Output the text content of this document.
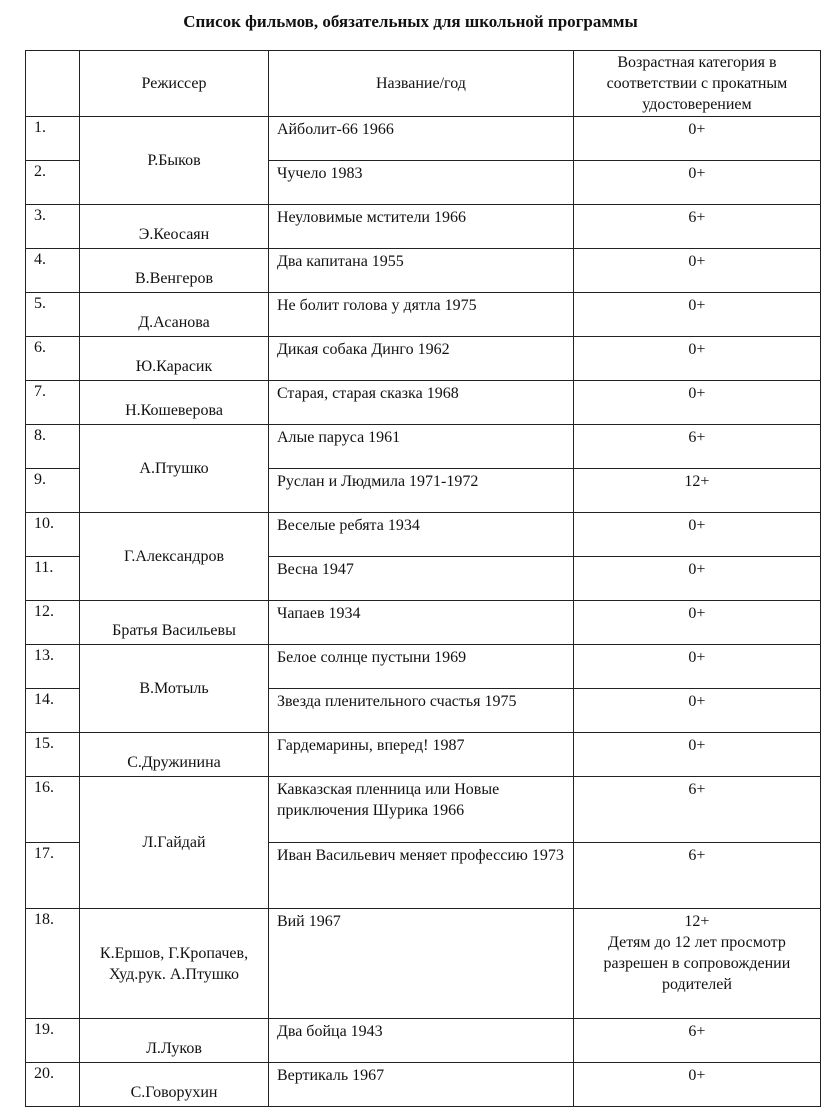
Список фильмов, обязательных для школьной программы
	Режиссер	Название/год	Возрастная категория в соответствии с прокатным удостоверением
1.	Р.Быков	Айболит-66 1966	0+
2.		Чучело 1983	0+
3.	Э.Кеосаян	Неуловимые мстители 1966	6+
4.	В.Венгеров	Два капитана 1955	0+
5.	Д.Асанова	Не болит голова у дятла 1975	0+
6.	Ю.Карасик	Дикая собака Динго 1962	0+
7.	Н.Кошеверова	Старая, старая сказка 1968	0+
8.	А.Птушко	Алые паруса 1961	6+
9.		Руслан и Людмила 1971-1972	12+
10.	Г.Александров	Веселые ребята 1934	0+
11.		Весна 1947	0+
12.	Братья Васильевы	Чапаев 1934	0+
13.	В.Мотыль	Белое солнце пустыни 1969	0+
14.		Звезда пленительного счастья 1975	0+
15.	С.Дружинина	Гардемарины, вперед! 1987	0+
16.	Л.Гайдай	Кавказская пленница или Новые приключения Шурика 1966	6+
17.		Иван Васильевич меняет профессию 1973	6+
18.	К.Ершов, Г.Кропачев, Худ.рук. А.Птушко	Вий 1967	12+
Детям до 12 лет просмотр разрешен в сопровождении родителей

19.	Л.Луков	Два бойца 1943	6+
20.	С.Говорухин	Вертикаль 1967	0+
